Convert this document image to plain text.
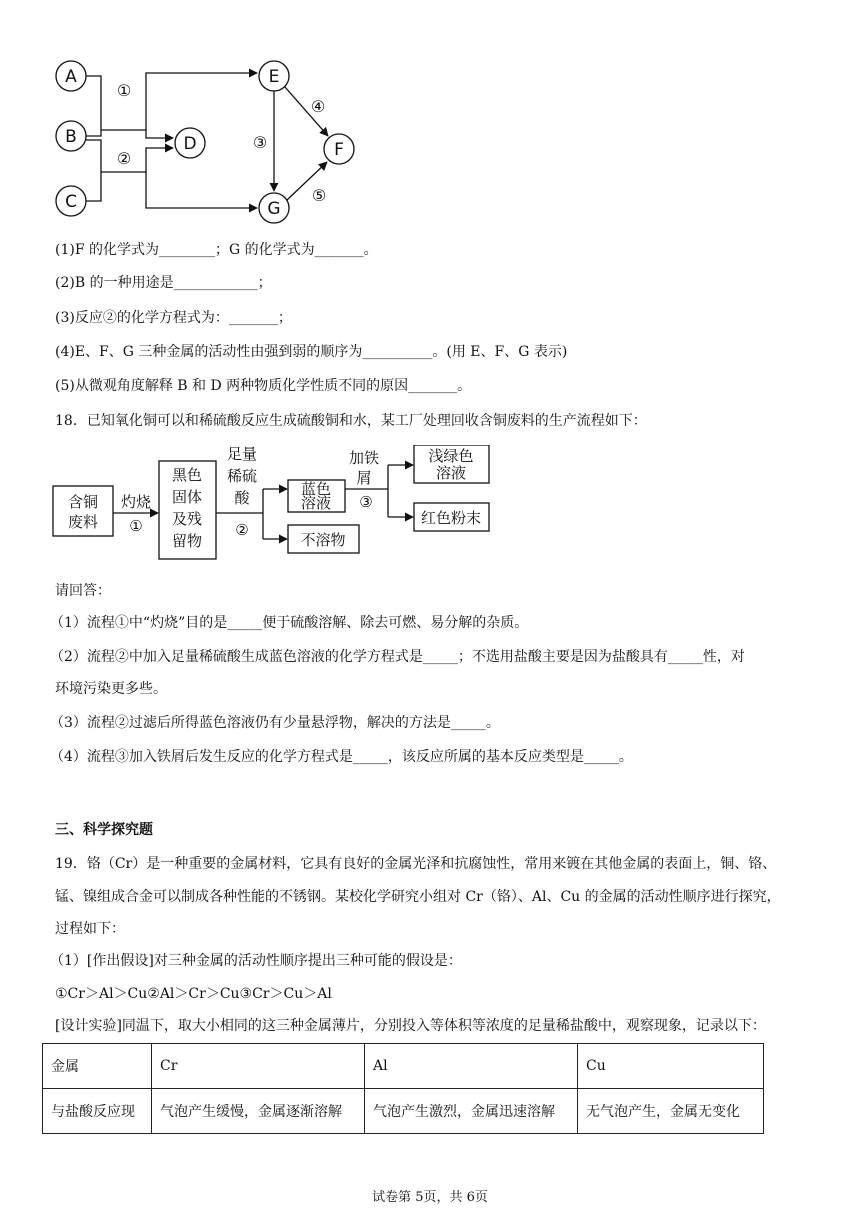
A
B
C
D
E
F
G
①
②
③
④
⑤
(1)F 的化学式为________；G 的化学式为_______。
(2)B 的一种用途是____________；
(3)反应②的化学方程式为：_______；
(4)E、F、G 三种金属的活动性由强到弱的顺序为__________。(用 E、F、G 表示)
(5)从微观角度解释 B 和 D 两种物质化学性质不同的原因_______。
18．已知氧化铜可以和稀硫酸反应生成硫酸铜和水，某工厂处理回收含铜废料的生产流程如下：
含铜
废料
灼烧
①
黑色
固体
及残
留物
足量
稀硫
酸
②
蓝色
溶液
不溶物
加铁
屑
③
浅绿色
溶液
红色粉末
请回答：
（1）流程①中“灼烧”目的是_____便于硫酸溶解、除去可燃、易分解的杂质。
（2）流程②中加入足量稀硫酸生成蓝色溶液的化学方程式是_____；不选用盐酸主要是因为盐酸具有_____性，对
环境污染更多些。
（3）流程②过滤后所得蓝色溶液仍有少量悬浮物，解决的方法是_____。
（4）流程③加入铁屑后发生反应的化学方程式是_____，该反应所属的基本反应类型是_____。
三、科学探究题
19．铬（Cr）是一种重要的金属材料，它具有良好的金属光泽和抗腐蚀性，常用来镀在其他金属的表面上，铜、铬、
锰、镍组成合金可以制成各种性能的不锈钢。某校化学研究小组对 Cr（铬）、Al、Cu 的金属的活动性顺序进行探究，
过程如下：
（1）[作出假设]对三种金属的活动性顺序提出三种可能的假设是：
①Cr＞Al＞Cu②Al＞Cr＞Cu③Cr＞Cu＞Al
[设计实验]同温下，取大小相同的这三种金属薄片，分别投入等体积等浓度的足量稀盐酸中，观察现象，记录以下：
金属	Cr	Al	Cu
与盐酸反应现	气泡产生缓慢，金属逐渐溶解	气泡产生激烈，金属迅速溶解	无气泡产生，金属无变化
试卷第 5页，共 6页
